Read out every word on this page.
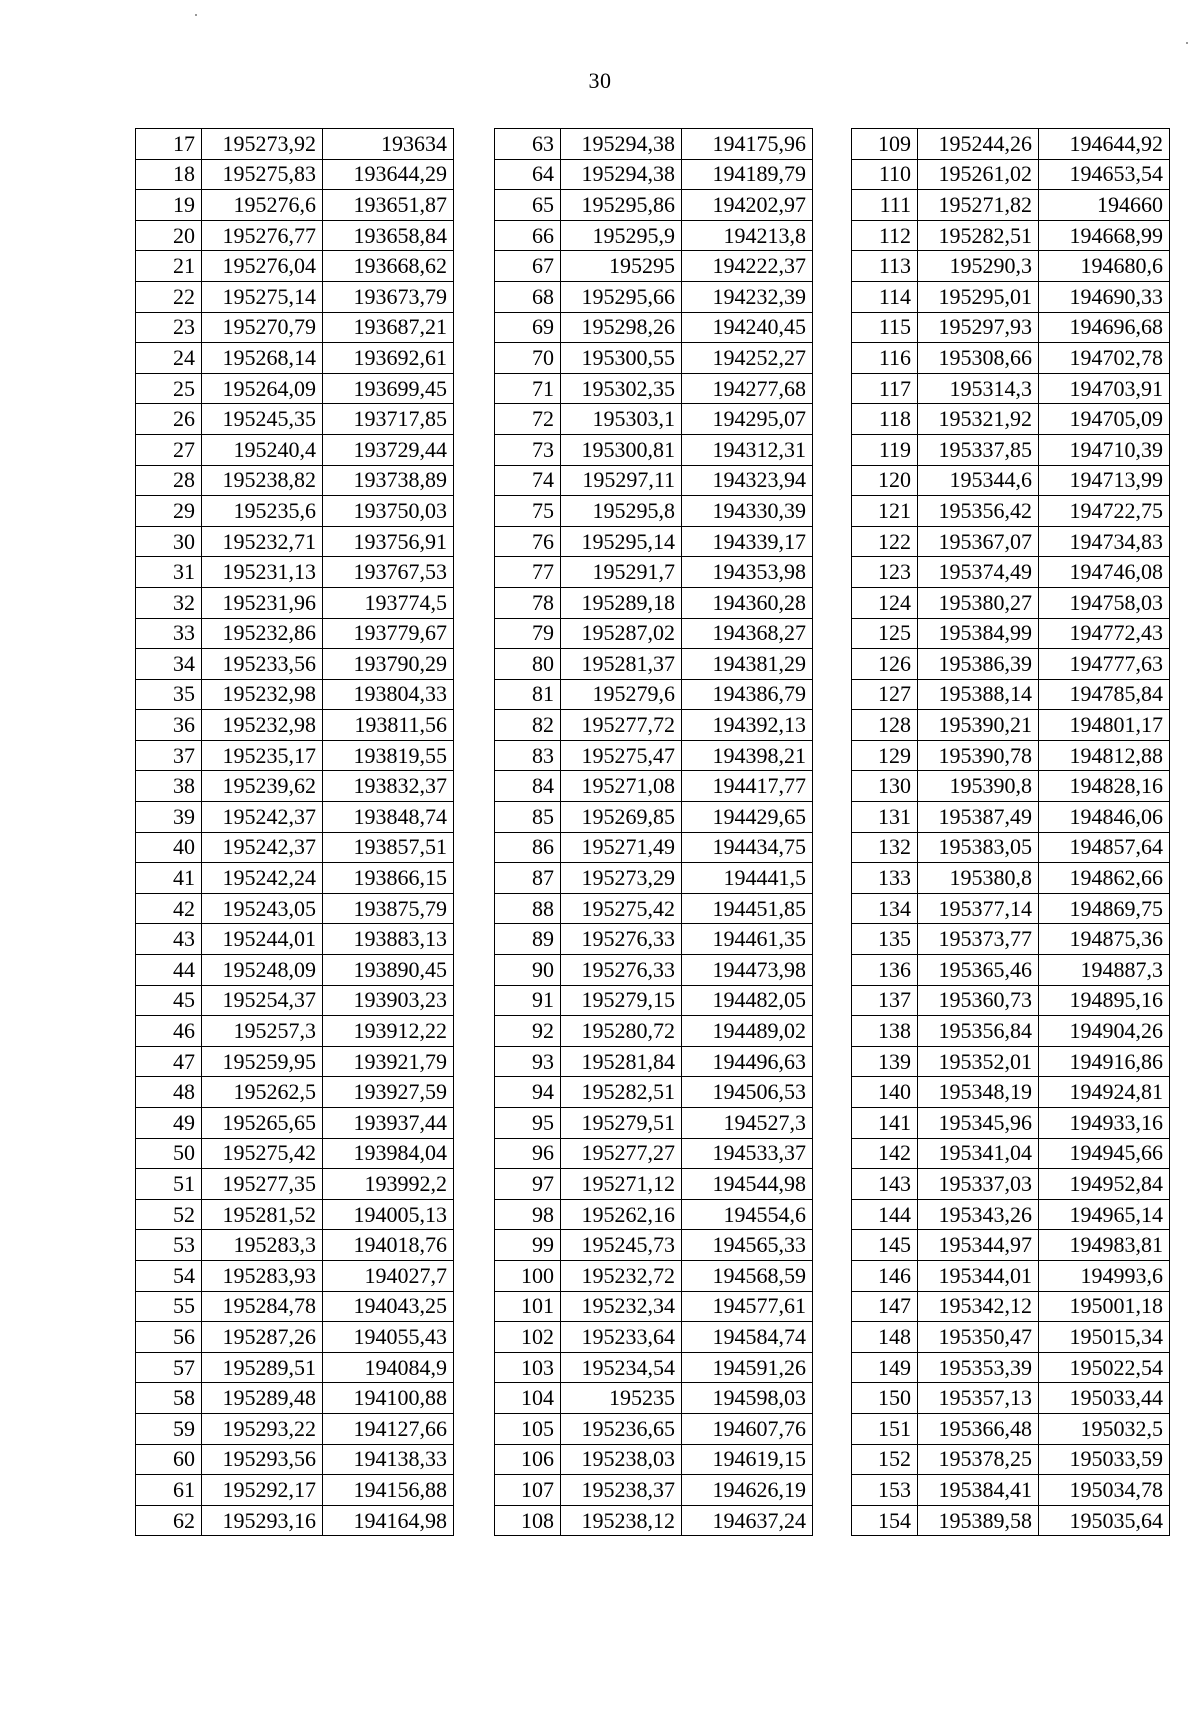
30
17	195273,92	193634
18	195275,83	193644,29
19	195276,6	193651,87
20	195276,77	193658,84
21	195276,04	193668,62
22	195275,14	193673,79
23	195270,79	193687,21
24	195268,14	193692,61
25	195264,09	193699,45
26	195245,35	193717,85
27	195240,4	193729,44
28	195238,82	193738,89
29	195235,6	193750,03
30	195232,71	193756,91
31	195231,13	193767,53
32	195231,96	193774,5
33	195232,86	193779,67
34	195233,56	193790,29
35	195232,98	193804,33
36	195232,98	193811,56
37	195235,17	193819,55
38	195239,62	193832,37
39	195242,37	193848,74
40	195242,37	193857,51
41	195242,24	193866,15
42	195243,05	193875,79
43	195244,01	193883,13
44	195248,09	193890,45
45	195254,37	193903,23
46	195257,3	193912,22
47	195259,95	193921,79
48	195262,5	193927,59
49	195265,65	193937,44
50	195275,42	193984,04
51	195277,35	193992,2
52	195281,52	194005,13
53	195283,3	194018,76
54	195283,93	194027,7
55	195284,78	194043,25
56	195287,26	194055,43
57	195289,51	194084,9
58	195289,48	194100,88
59	195293,22	194127,66
60	195293,56	194138,33
61	195292,17	194156,88
62	195293,16	194164,98
63	195294,38	194175,96
64	195294,38	194189,79
65	195295,86	194202,97
66	195295,9	194213,8
67	195295	194222,37
68	195295,66	194232,39
69	195298,26	194240,45
70	195300,55	194252,27
71	195302,35	194277,68
72	195303,1	194295,07
73	195300,81	194312,31
74	195297,11	194323,94
75	195295,8	194330,39
76	195295,14	194339,17
77	195291,7	194353,98
78	195289,18	194360,28
79	195287,02	194368,27
80	195281,37	194381,29
81	195279,6	194386,79
82	195277,72	194392,13
83	195275,47	194398,21
84	195271,08	194417,77
85	195269,85	194429,65
86	195271,49	194434,75
87	195273,29	194441,5
88	195275,42	194451,85
89	195276,33	194461,35
90	195276,33	194473,98
91	195279,15	194482,05
92	195280,72	194489,02
93	195281,84	194496,63
94	195282,51	194506,53
95	195279,51	194527,3
96	195277,27	194533,37
97	195271,12	194544,98
98	195262,16	194554,6
99	195245,73	194565,33
100	195232,72	194568,59
101	195232,34	194577,61
102	195233,64	194584,74
103	195234,54	194591,26
104	195235	194598,03
105	195236,65	194607,76
106	195238,03	194619,15
107	195238,37	194626,19
108	195238,12	194637,24
109	195244,26	194644,92
110	195261,02	194653,54
111	195271,82	194660
112	195282,51	194668,99
113	195290,3	194680,6
114	195295,01	194690,33
115	195297,93	194696,68
116	195308,66	194702,78
117	195314,3	194703,91
118	195321,92	194705,09
119	195337,85	194710,39
120	195344,6	194713,99
121	195356,42	194722,75
122	195367,07	194734,83
123	195374,49	194746,08
124	195380,27	194758,03
125	195384,99	194772,43
126	195386,39	194777,63
127	195388,14	194785,84
128	195390,21	194801,17
129	195390,78	194812,88
130	195390,8	194828,16
131	195387,49	194846,06
132	195383,05	194857,64
133	195380,8	194862,66
134	195377,14	194869,75
135	195373,77	194875,36
136	195365,46	194887,3
137	195360,73	194895,16
138	195356,84	194904,26
139	195352,01	194916,86
140	195348,19	194924,81
141	195345,96	194933,16
142	195341,04	194945,66
143	195337,03	194952,84
144	195343,26	194965,14
145	195344,97	194983,81
146	195344,01	194993,6
147	195342,12	195001,18
148	195350,47	195015,34
149	195353,39	195022,54
150	195357,13	195033,44
151	195366,48	195032,5
152	195378,25	195033,59
153	195384,41	195034,78
154	195389,58	195035,64
